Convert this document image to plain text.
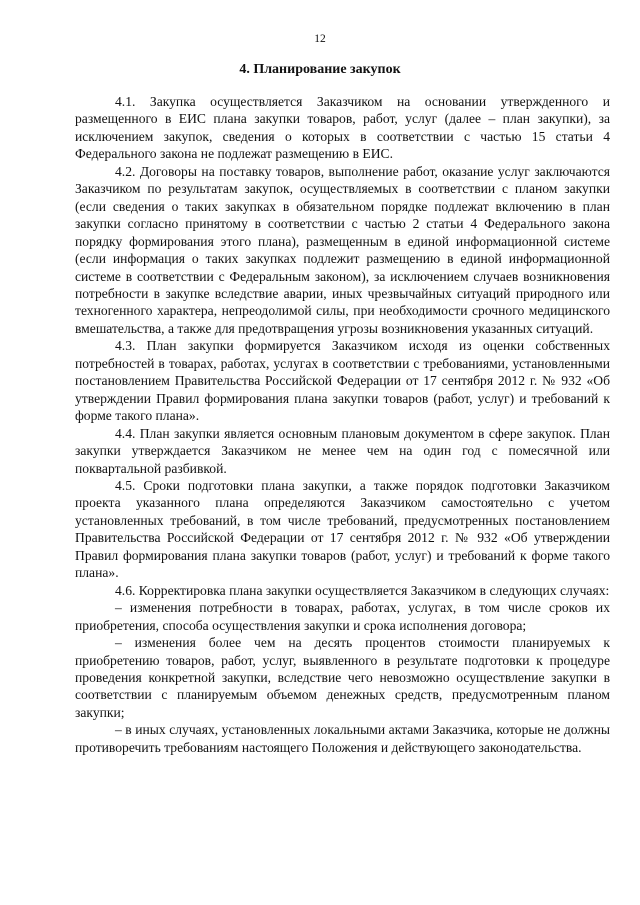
12
4. Планирование закупок

4.1. Закупка осуществляется Заказчиком на основании утвержденного и размещенного в ЕИС плана закупки товаров, работ, услуг (далее – план закупки), за исключением закупок, сведения о которых в соответствии с частью 15 статьи 4 Федерального закона не подлежат размещению в ЕИС.

4.2. Договоры на поставку товаров, выполнение работ, оказание услуг заключаются Заказчиком по результатам закупок, осуществляемых в соответствии с планом закупки (если сведения о таких закупках в обязательном порядке подлежат включению в план закупки согласно принятому в соответствии с частью 2 статьи 4 Федерального закона порядку формирования этого плана), размещенным в единой информационной системе (если информация о таких закупках подлежит размещению в единой информационной системе в соответствии с Федеральным законом), за исключением случаев возникновения потребности в закупке вследствие аварии, иных чрезвычайных ситуаций природного или техногенного характера, непреодолимой силы, при необходимости срочного медицинского вмешательства, а также для предотвращения угрозы возникновения указанных ситуаций.

4.3. План закупки формируется Заказчиком исходя из оценки собственных потребностей в товарах, работах, услугах в соответствии с требованиями, установленными постановлением Правительства Российской Федерации от 17 сентября 2012 г. № 932 «Об утверждении Правил формирования плана закупки товаров (работ, услуг) и требований к форме такого плана».

4.4. План закупки является основным плановым документом в сфере закупок. План закупки утверждается Заказчиком не менее чем на один год с помесячной или поквартальной разбивкой.

4.5. Сроки подготовки плана закупки, а также порядок подготовки Заказчиком проекта указанного плана определяются Заказчиком самостоятельно с учетом установленных требований, в том числе требований, предусмотренных постановлением Правительства Российской Федерации от 17 сентября 2012 г. № 932 «Об утверждении Правил формирования плана закупки товаров (работ, услуг) и требований к форме такого плана».

4.6. Корректировка плана закупки осуществляется Заказчиком в следующих случаях:

– изменения потребности в товарах, работах, услугах, в том числе сроков их приобретения, способа осуществления закупки и срока исполнения договора;

– изменения более чем на десять процентов стоимости планируемых к приобретению товаров, работ, услуг, выявленного в результате подготовки к процедуре проведения конкретной закупки, вследствие чего невозможно осуществление закупки в соответствии с планируемым объемом денежных средств, предусмотренным планом закупки;

– в иных случаях, установленных локальными актами Заказчика, которые не должны противоречить требованиям настоящего Положения и действующего законодательства.
